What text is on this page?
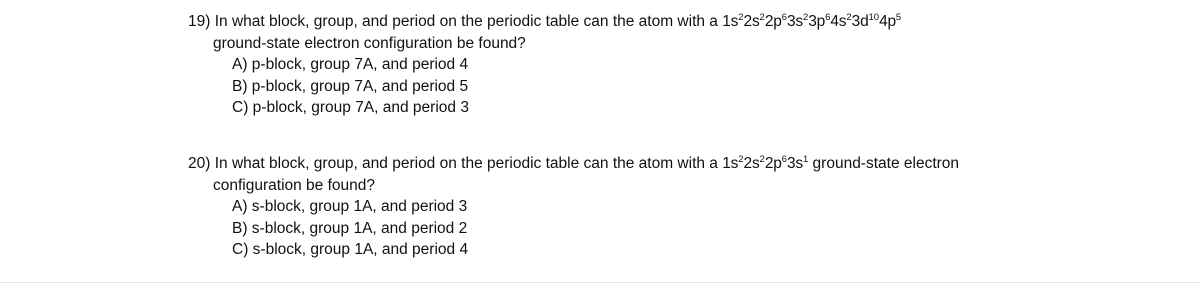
19) In what block, group, and period on the periodic table can the atom with a $1s^22s^22p^63s^23p^64s^23d^{10}4p^5$
ground-state electron configuration be found?
A) p-block, group 7A, and period 4
B) p-block, group 7A, and period 5
C) p-block, group 7A, and period 3
20) In what block, group, and period on the periodic table can the atom with a $1s^22s^22p^63s^1$ ground-state electron
configuration be found?
A) s-block, group 1A, and period 3
B) s-block, group 1A, and period 2
C) s-block, group 1A, and period 4
